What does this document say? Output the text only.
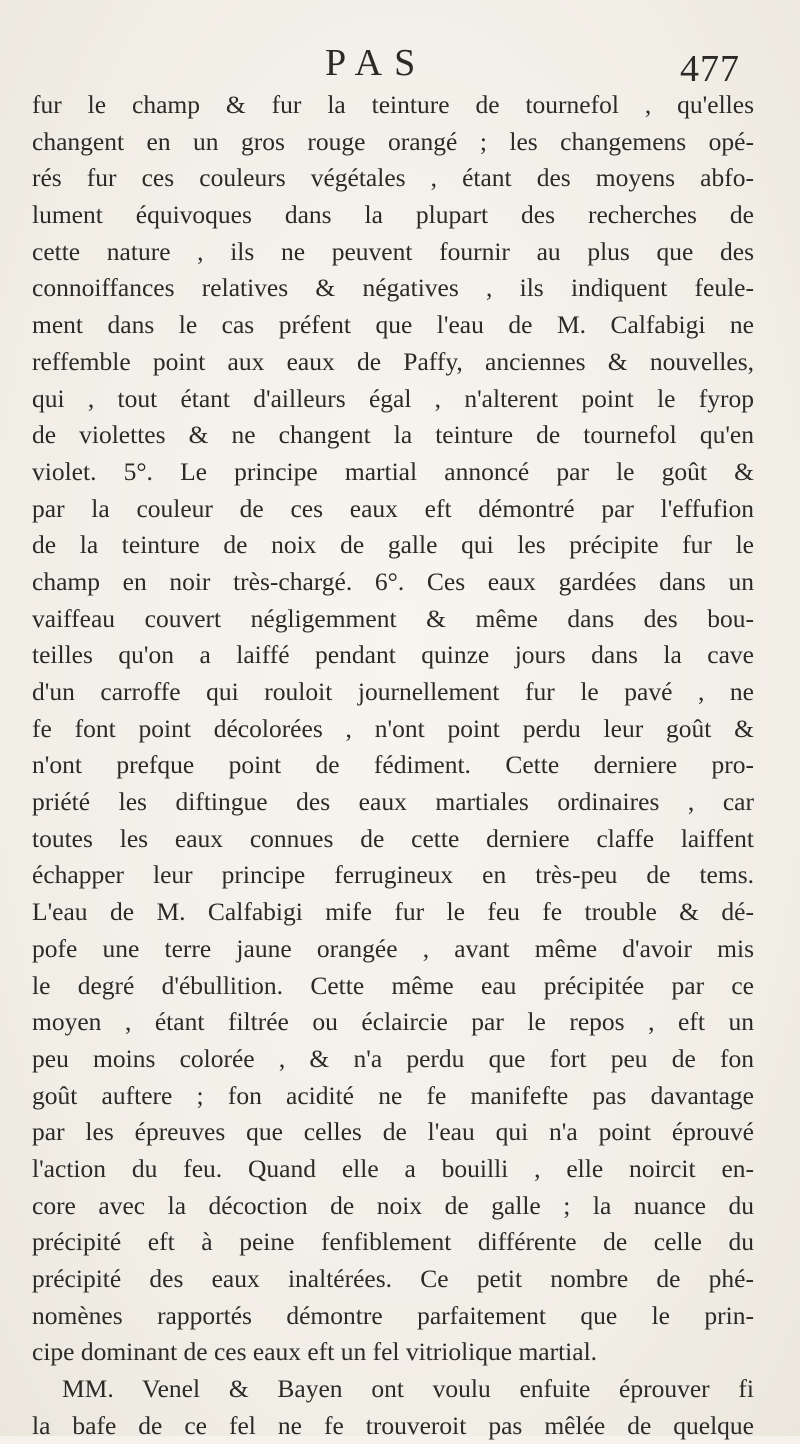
PAS	477
fur le champ & fur la teinture de tournefol , qu'elles
changent en un gros rouge orangé ; les changemens opé-
rés fur ces couleurs végétales , étant des moyens abfo-
lument équivoques dans la plupart des recherches de
cette nature , ils ne peuvent fournir au plus que des
connoiffances relatives & négatives , ils indiquent feule-
ment dans le cas préfent que l'eau de M. Calfabigi ne
reffemble point aux eaux de Paffy, anciennes & nouvelles,
qui , tout étant d'ailleurs égal , n'alterent point le fyrop
de violettes & ne changent la teinture de tournefol qu'en
violet. 5°. Le principe martial annoncé par le goût &
par la couleur de ces eaux eft démontré par l'effufion
de la teinture de noix de galle qui les précipite fur le
champ en noir très-chargé. 6°. Ces eaux gardées dans un
vaiffeau couvert négligemment & même dans des bou-
teilles qu'on a laiffé pendant quinze jours dans la cave
d'un carroffe qui rouloit journellement fur le pavé , ne
fe font point décolorées , n'ont point perdu leur goût &
n'ont prefque point de fédiment. Cette derniere pro-
priété les diftingue des eaux martiales ordinaires , car
toutes les eaux connues de cette derniere claffe laiffent
échapper leur principe ferrugineux en très-peu de tems.
L'eau de M. Calfabigi mife fur le feu fe trouble & dé-
pofe une terre jaune orangée , avant même d'avoir mis
le degré d'ébullition. Cette même eau précipitée par ce
moyen , étant filtrée ou éclaircie par le repos , eft un
peu moins colorée , & n'a perdu que fort peu de fon
goût auftere ; fon acidité ne fe manifefte pas davantage
par les épreuves que celles de l'eau qui n'a point éprouvé
l'action du feu. Quand elle a bouilli , elle noircit en-
core avec la décoction de noix de galle ; la nuance du
précipité eft à peine fenfiblement différente de celle du
précipité des eaux inaltérées. Ce petit nombre de phé-
nomènes rapportés démontre parfaitement que le prin-
cipe dominant de ces eaux eft un fel vitriolique martial.
MM. Venel & Bayen ont voulu enfuite éprouver fi
la bafe de ce fel ne fe trouveroit pas mêlée de quelque
